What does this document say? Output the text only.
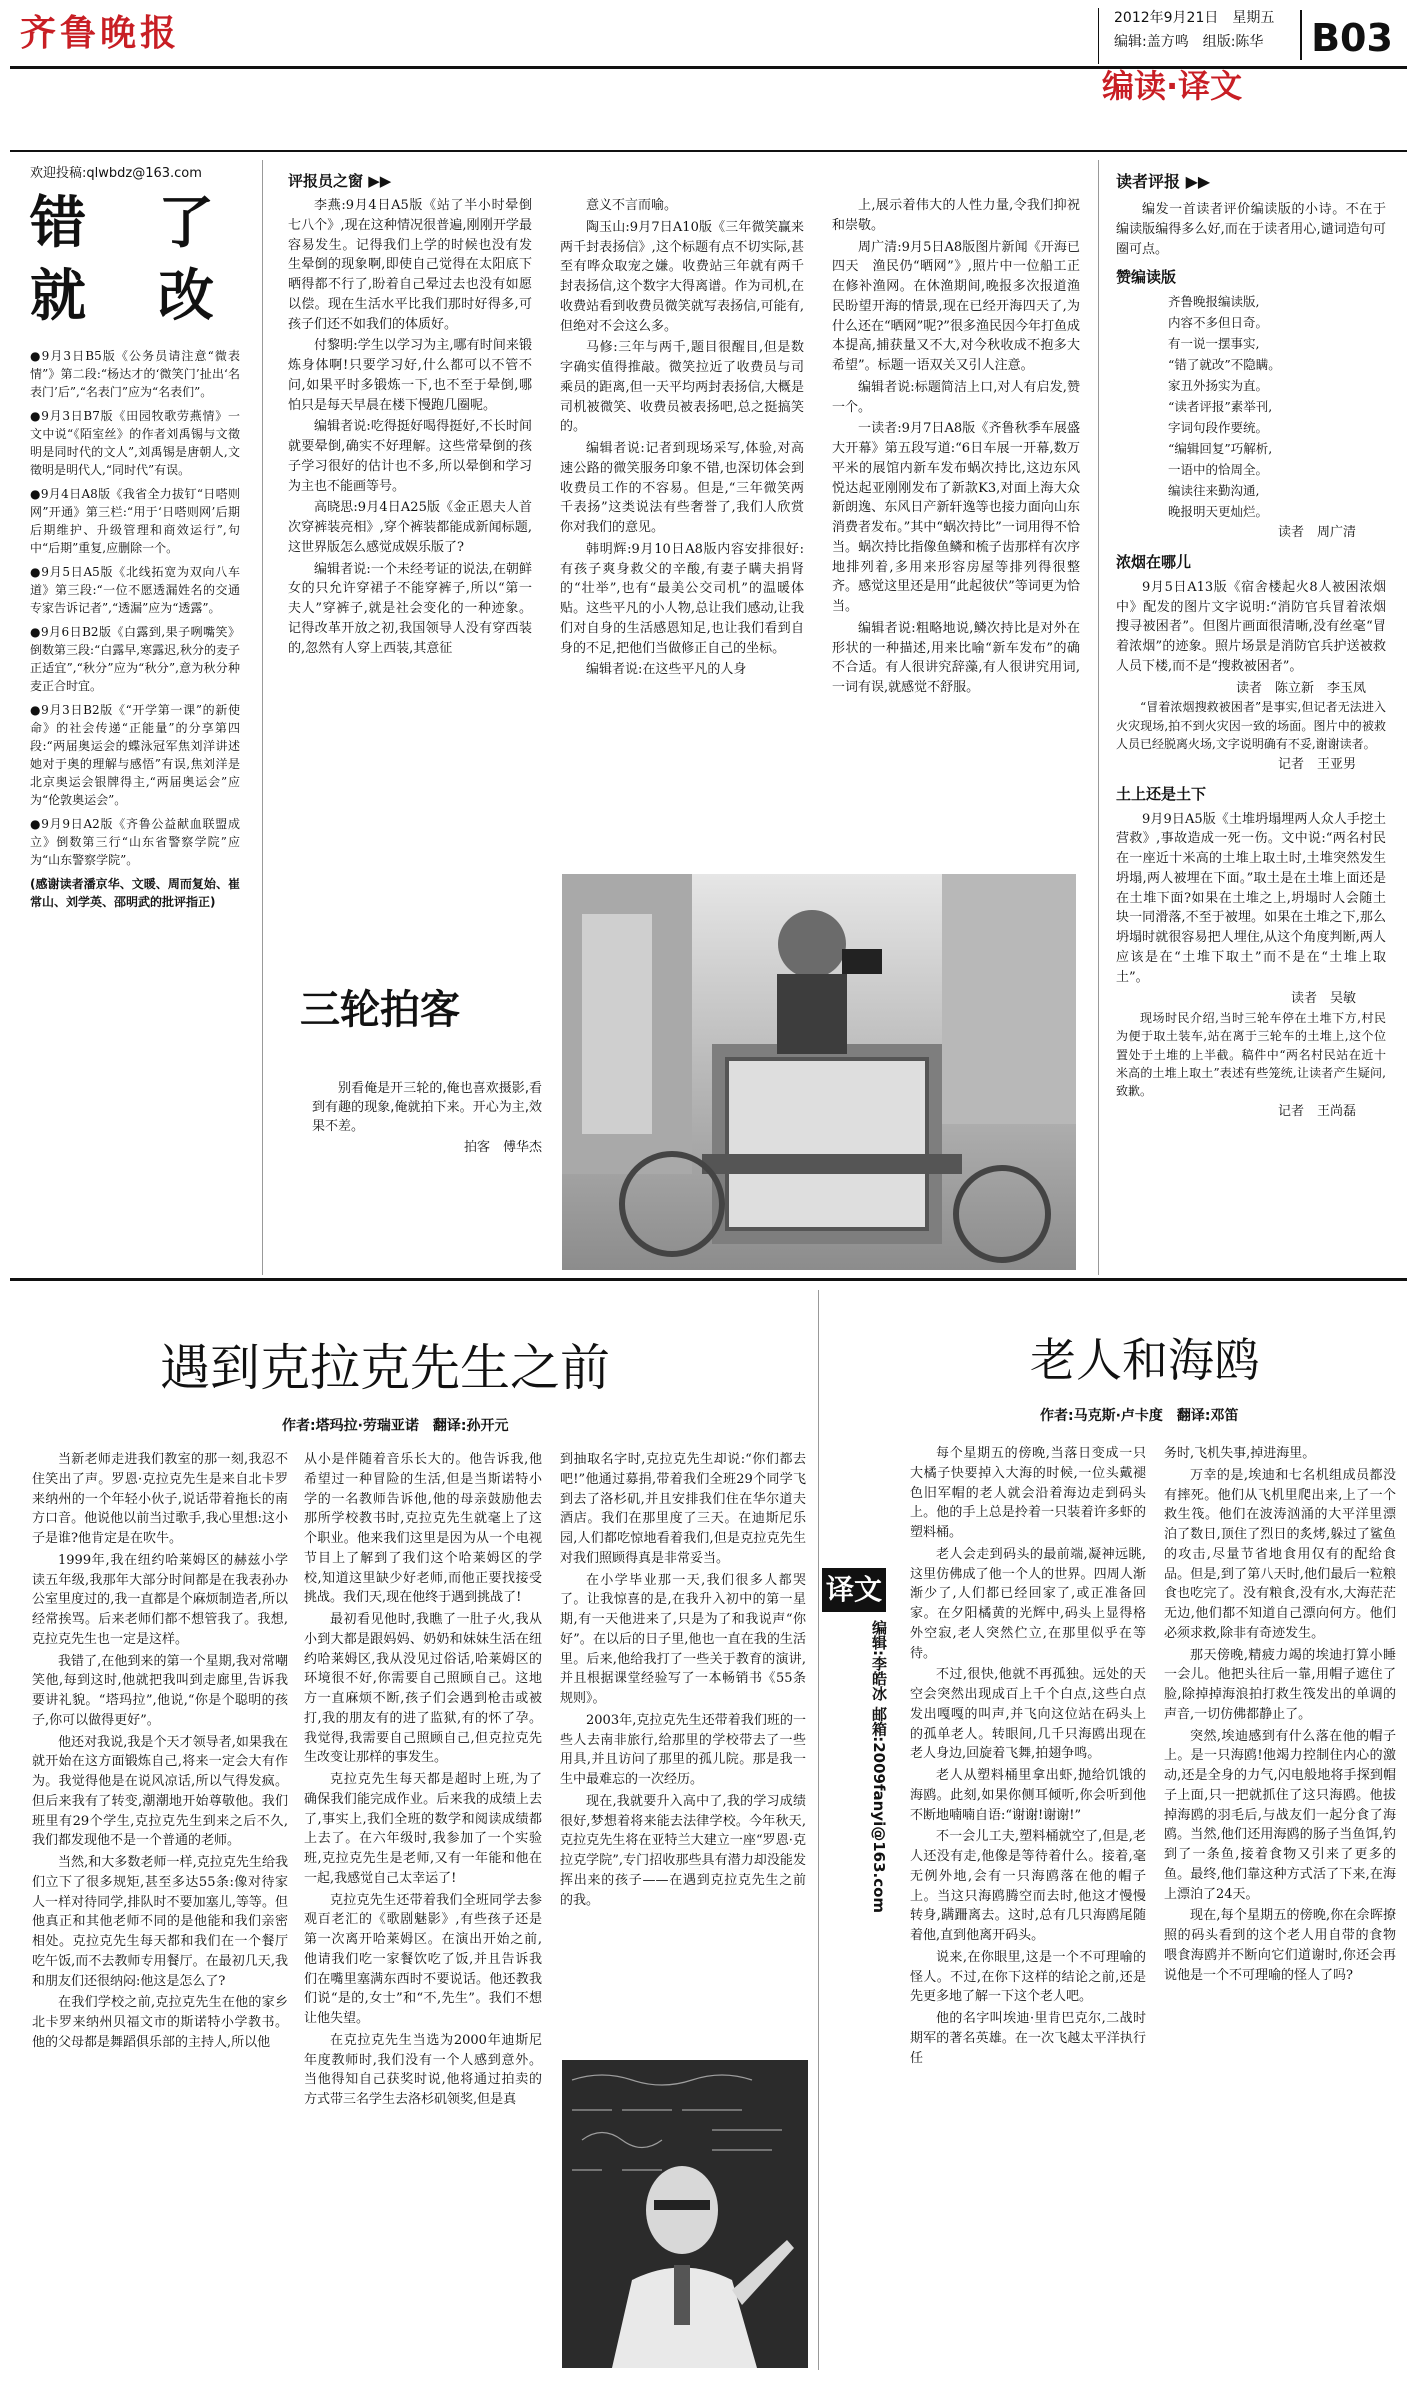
齐鲁晚报	2012年9月21日　星期五
编辑:盖方鸣　组版:陈华
编读·译文
B03
欢迎投稿:qlwbdz@163.com
错　了
就　改

●9月3日B5版《公务员请注意“微表情”》第二段:“杨达才的‘微笑门’扯出‘名表门’后”,“名表门”应为“名表们”。

●9月3日B7版《田园牧歌劳燕情》一文中说“《陌室丝》的作者刘禹锡与文徵明是同时代的文人”,刘禹锡是唐朝人,文徵明是明代人,“同时代”有误。

●9月4日A8版《我省全力拔钉“日嗒则网”开通》第三栏:“用于‘日嗒则网’后期后期维护、升级管理和商效运行”,句中“后期”重复,应删除一个。

●9月5日A5版《北线拓宽为双向八车道》第三段:“一位不愿透漏姓名的交通专家告诉记者”,“透漏”应为“透露”。

●9月6日B2版《白露到,果子咧嘴笑》倒数第三段:“白露早,寒露迟,秋分的麦子正适宜”,“秋分”应为“秋分”,意为秋分种麦正合时宜。

●9月3日B2版《“开学第一课”的新使命》的社会传递“正能量”的分享第四段:“两届奥运会的蝶泳冠军焦刘洋讲述她对于奥的理解与感悟”有误,焦刘洋是北京奥运会银牌得主,“两届奥运会”应为“伦敦奥运会”。

●9月9日A2版《齐鲁公益献血联盟成立》倒数第三行“山东省警察学院”应为“山东警察学院”。

(感谢读者潘京华、文暖、周而复始、崔常山、刘学英、邵明武的批评指正)

评报员之窗 ▶▶

李燕:9月4日A5版《站了半小时晕倒七八个》,现在这种情况很普遍,刚刚开学最容易发生。记得我们上学的时候也没有发生晕倒的现象啊,即使自己觉得在太阳底下晒得都不行了,盼着自己晕过去也没有如愿以偿。现在生活水平比我们那时好得多,可孩子们还不如我们的体质好。

付黎明:学生以学习为主,哪有时间来锻炼身体啊!只要学习好,什么都可以不管不问,如果平时多锻炼一下,也不至于晕倒,哪怕只是每天早晨在楼下慢跑几圈呢。

编辑者说:吃得挺好喝得挺好,不长时间就要晕倒,确实不好理解。这些常晕倒的孩子学习很好的估计也不多,所以晕倒和学习为主也不能画等号。

高晓思:9月4日A25版《金正恩夫人首次穿裤装亮相》,穿个裤装都能成新闻标题,这世界版怎么感觉成娱乐版了?

编辑者说:一个未经考证的说法,在朝鲜女的只允许穿裙子不能穿裤子,所以“第一夫人”穿裤子,就是社会变化的一种迹象。记得改革开放之初,我国领导人没有穿西装的,忽然有人穿上西装,其意征

意义不言而喻。

陶玉山:9月7日A10版《三年微笑赢来两千封表扬信》,这个标题有点不切实际,甚至有哗众取宠之嫌。收费站三年就有两千封表扬信,这个数字大得离谱。作为司机,在收费站看到收费员微笑就写表扬信,可能有,但绝对不会这么多。

马修:三年与两千,题目很醒目,但是数字确实值得推敲。微笑拉近了收费员与司乘员的距离,但一天平均两封表扬信,大概是司机被微笑、收费员被表扬吧,总之挺搞笑的。

编辑者说:记者到现场采写,体验,对高速公路的微笑服务印象不错,也深切体会到收费员工作的不容易。但是,“三年微笑两千表扬”这类说法有些奢誉了,我们人欣赏你对我们的意见。

韩明辉:9月10日A8版内容安排很好:有孩子爽身救父的辛酸,有妻子瞒夫捐肾的“壮举”,也有“最美公交司机”的温暖体贴。这些平凡的小人物,总让我们感动,让我们对自身的生活感恩知足,也让我们看到自身的不足,把他们当做修正自己的坐标。

编辑者说:在这些平凡的人身

上,展示着伟大的人性力量,令我们抑祝和崇敬。

周广清:9月5日A8版图片新闻《开海已四天　渔民仍“晒网”》,照片中一位船工正在修补渔网。在休渔期间,晚报多次报道渔民盼望开海的情景,现在已经开海四天了,为什么还在“晒网”呢?”很多渔民因今年打鱼成本提高,捕获量又不大,对今秋收成不抱多大希望”。标题一语双关又引人注意。

编辑者说:标题简洁上口,对人有启发,赞一个。

一读者:9月7日A8版《齐鲁秋季车展盛大开幕》第五段写道:“6日车展一开幕,数万平米的展馆内新车发布蜗次持比,这边东风悦达起亚刚刚发布了新款K3,对面上海大众新朗逸、东风日产新轩逸等也接力面向山东消费者发布。”其中“蜗次持比”一词用得不恰当。蜗次持比指像鱼鳞和梳子齿那样有次序地排列着,多用来形容房屋等排列得很整齐。感觉这里还是用“此起彼伏”等词更为恰当。

编辑者说:粗略地说,鳞次持比是对外在形状的一种描述,用来比喻“新车发布”的确不合适。有人很讲究辞藻,有人很讲究用词,一词有误,就感觉不舒服。

三轮拍客

别看俺是开三轮的,俺也喜欢摄影,看到有趣的现象,俺就拍下来。开心为主,效果不差。

拍客　傅华杰
读者评报 ▶▶

编发一首读者评价编读版的小诗。不在于编读版编得多么好,而在于读者用心,谴词造句可圈可点。

赞编读版

齐鲁晚报编读版,

内容不多但日奇。

有一说一摆事实,

“错了就改”不隐瞒。

家丑外扬实为直。

“读者评报”素举刊,

字词句段作要统。

“编辑回复”巧解析,

一语中的恰周全。

编读往来勤沟通,

晚报明天更灿烂。

读者　周广清
浓烟在哪儿

9月5日A13版《宿舍楼起火8人被困浓烟中》配发的图片文字说明:“消防官兵冒着浓烟搜寻被困者”。但图片画面很清晰,没有丝毫“冒着浓烟”的迹象。照片场景是消防官兵护送被救人员下楼,而不是“搜救被困者”。

读者　陈立新　李玉凤

“冒着浓烟搜救被困者”是事实,但记者无法进入火灾现场,拍不到火灾因一致的场面。图片中的被救人员已经脱离火场,文字说明确有不妥,谢谢读者。

记者　王亚男
土上还是土下

9月9日A5版《土堆坍塌埋两人众人手挖土营救》,事故造成一死一伤。文中说:“两名村民在一座近十米高的土堆上取土时,土堆突然发生坍塌,两人被埋在下面。”取土是在土堆上面还是在土堆下面?如果在土堆之上,坍塌时人会随土块一同滑落,不至于被埋。如果在土堆之下,那么坍塌时就很容易把人埋住,从这个角度判断,两人应该是在“土堆下取土”而不是在“土堆上取土”。

读者　吴敏

现场时民介绍,当时三轮车停在土堆下方,村民为便于取土装车,站在离于三轮车的土堆上,这个位置处于土堆的上半截。稿件中“两名村民站在近十米高的土堆上取土”表述有些笼统,让读者产生疑问,致歉。

记者　王尚磊
遇到克拉克先生之前
作者:塔玛拉·劳瑞亚诺　翻译:孙开元

当新老师走进我们教室的那一刻,我忍不住笑出了声。罗恩·克拉克先生是来自北卡罗来纳州的一个年轻小伙子,说话带着拖长的南方口音。他说他以前当过歌手,我心里想:这小子是谁?他肯定是在吹牛。

1999年,我在纽约哈莱姆区的赫兹小学读五年级,我那年大部分时间都是在我表孙办公室里度过的,我一直都是个麻烦制造者,所以经常挨骂。后来老师们都不想管我了。我想,克拉克先生也一定是这样。

我错了,在他到来的第一个星期,我对常嘲笑他,每到这时,他就把我叫到走廊里,告诉我要讲礼貌。“塔玛拉”,他说,“你是个聪明的孩子,你可以做得更好”。

他还对我说,我是个天才领导者,如果我在就开始在这方面锻炼自己,将来一定会大有作为。我觉得他是在说风凉话,所以气得发疯。但后来我有了转变,潮潮地开始尊敬他。我们班里有29个学生,克拉克先生到来之后不久,我们都发现他不是一个普通的老师。

当然,和大多数老师一样,克拉克先生给我们立下了很多规矩,甚至多达55条:像对待家人一样对待同学,排队时不要加塞儿,等等。但他真正和其他老师不同的是他能和我们亲密相处。克拉克先生每天都和我们在一个餐厅吃午饭,而不去教师专用餐厅。在最初几天,我和朋友们还很纳闷:他这是怎么了?

在我们学校之前,克拉克先生在他的家乡北卡罗来纳州贝福文市的斯诺特小学教书。他的父母都是舞蹈俱乐部的主持人,所以他

从小是伴随着音乐长大的。他告诉我,他希望过一种冒险的生活,但是当斯诺特小学的一名教师告诉他,他的母亲鼓励他去那所学校教书时,克拉克先生就毫上了这个职业。他来我们这里是因为从一个电视节目上了解到了我们这个哈莱姆区的学校,知道这里缺少好老师,而他正要找接受挑战。我们天,现在他终于遇到挑战了!

最初看见他时,我瞧了一肚子火,我从小到大都是跟妈妈、奶奶和妹妹生活在纽约哈莱姆区,我从没见过俗话,哈莱姆区的环境很不好,你需要自己照顾自己。这地方一直麻烦不断,孩子们会遇到枪击或被打,我的朋友有的进了监狱,有的怀了孕。我觉得,我需要自己照顾自己,但克拉克先生改变让那样的事发生。

克拉克先生每天都是超时上班,为了确保我们能完成作业。后来我的成绩上去了,事实上,我们全班的数学和阅读成绩都上去了。在六年级时,我参加了一个实验班,克拉克先生是老师,又有一年能和他在一起,我感觉自己太幸运了!

克拉克先生还带着我们全班同学去参观百老汇的《歌剧魅影》,有些孩子还是第一次离开哈莱姆区。在演出开始之前,他请我们吃一家餐饮吃了饭,并且告诉我们在嘴里塞满东西时不要说话。他还教我们说“是的,女士”和“不,先生”。我们不想让他失望。

在克拉克先生当选为2000年迪斯尼年度教师时,我们没有一个人感到意外。当他得知自己获奖时说,他将通过拍卖的方式带三名学生去洛杉矶领奖,但是真

到抽取名字时,克拉克先生却说:“你们都去吧!”他通过募捐,带着我们全班29个同学飞到去了洛杉矶,并且安排我们住在华尔道夫酒店。我们在那里度了三天。在迪斯尼乐园,人们都吃惊地看着我们,但是克拉克先生对我们照顾得真是非常妥当。

在小学毕业那一天,我们很多人都哭了。让我惊喜的是,在我升入初中的第一星期,有一天他进来了,只是为了和我说声“你好”。在以后的日子里,他也一直在我的生活里。后来,他给我打了一些关于教育的演讲,并且根据课堂经验写了一本畅销书《55条规则》。

2003年,克拉克先生还带着我们班的一些人去南非旅行,给那里的学校带去了一些用具,并且访问了那里的孤儿院。那是我一生中最难忘的一次经历。

现在,我就要升入高中了,我的学习成绩很好,梦想着将来能去法律学校。今年秋天,克拉克先生将在亚特兰大建立一座“罗恩·克拉克学院”,专门招收那些具有潜力却没能发挥出来的孩子——在遇到克拉克先生之前的我。

译文
编辑:李皓冰 邮箱:2009fanyi@163.com
老人和海鸥
作者:马克斯·卢卡度　翻译:邓笛

每个星期五的傍晚,当落日变成一只大橘子快要掉入大海的时候,一位头戴褪色旧军帽的老人就会沿着海边走到码头上。他的手上总是拎着一只装着许多虾的塑料桶。

老人会走到码头的最前端,凝神远眺,这里仿佛成了他一个人的世界。四周人渐渐少了,人们都已经回家了,或正准备回家。在夕阳橘黄的光辉中,码头上显得格外空寂,老人突然伫立,在那里似乎在等待。

不过,很快,他就不再孤独。远处的天空会突然出现成百上千个白点,这些白点发出嘎嘎的叫声,并飞向这位站在码头上的孤单老人。转眼间,几千只海鸥出现在老人身边,回旋着飞舞,拍翅争鸣。

老人从塑料桶里拿出虾,抛给饥饿的海鸥。此刻,如果你侧耳倾听,你会听到他不断地喃喃自语:“谢谢!谢谢!”

不一会儿工夫,塑料桶就空了,但是,老人还没有走,他像是等待着什么。接着,毫无例外地,会有一只海鸥落在他的帽子上。当这只海鸥腾空而去时,他这才慢慢转身,蹒跚离去。这时,总有几只海鸥尾随着他,直到他离开码头。

说来,在你眼里,这是一个不可理喻的怪人。不过,在你下这样的结论之前,还是先更多地了解一下这个老人吧。

他的名字叫埃迪·里肯巴克尔,二战时期军的著名英雄。在一次飞越太平洋执行任

务时,飞机失事,掉进海里。

万幸的是,埃迪和七名机组成员都没有摔死。他们从飞机里爬出来,上了一个救生筏。他们在波涛汹涌的大平洋里漂泊了数日,顶住了烈日的炙烤,躲过了鲨鱼的攻击,尽量节省地食用仅有的配给食品。但是,到了第八天时,他们最后一粒粮食也吃完了。没有粮食,没有水,大海茫茫无边,他们都不知道自己漂向何方。他们必须求救,除非有奇迹发生。

那天傍晚,精疲力竭的埃迪打算小睡一会儿。他把头往后一靠,用帽子遮住了脸,除掉掉海浪拍打救生筏发出的单调的声音,一切仿佛都静止了。

突然,埃迪感到有什么落在他的帽子上。是一只海鸥!他竭力控制住内心的激动,还是全身的力气,闪电般地将手探到帽子上面,只一把就抓住了这只海鸥。他拔掉海鸥的羽毛后,与战友们一起分食了海鸥。当然,他们还用海鸥的肠子当鱼饵,钓到了一条鱼,接着食物又引来了更多的鱼。最终,他们靠这种方式活了下来,在海上漂泊了24天。

现在,每个星期五的傍晚,你在佘晖撩照的码头看到的这个老人用自带的食物喂食海鸥并不断向它们道谢时,你还会再说他是一个不可理喻的怪人了吗?
